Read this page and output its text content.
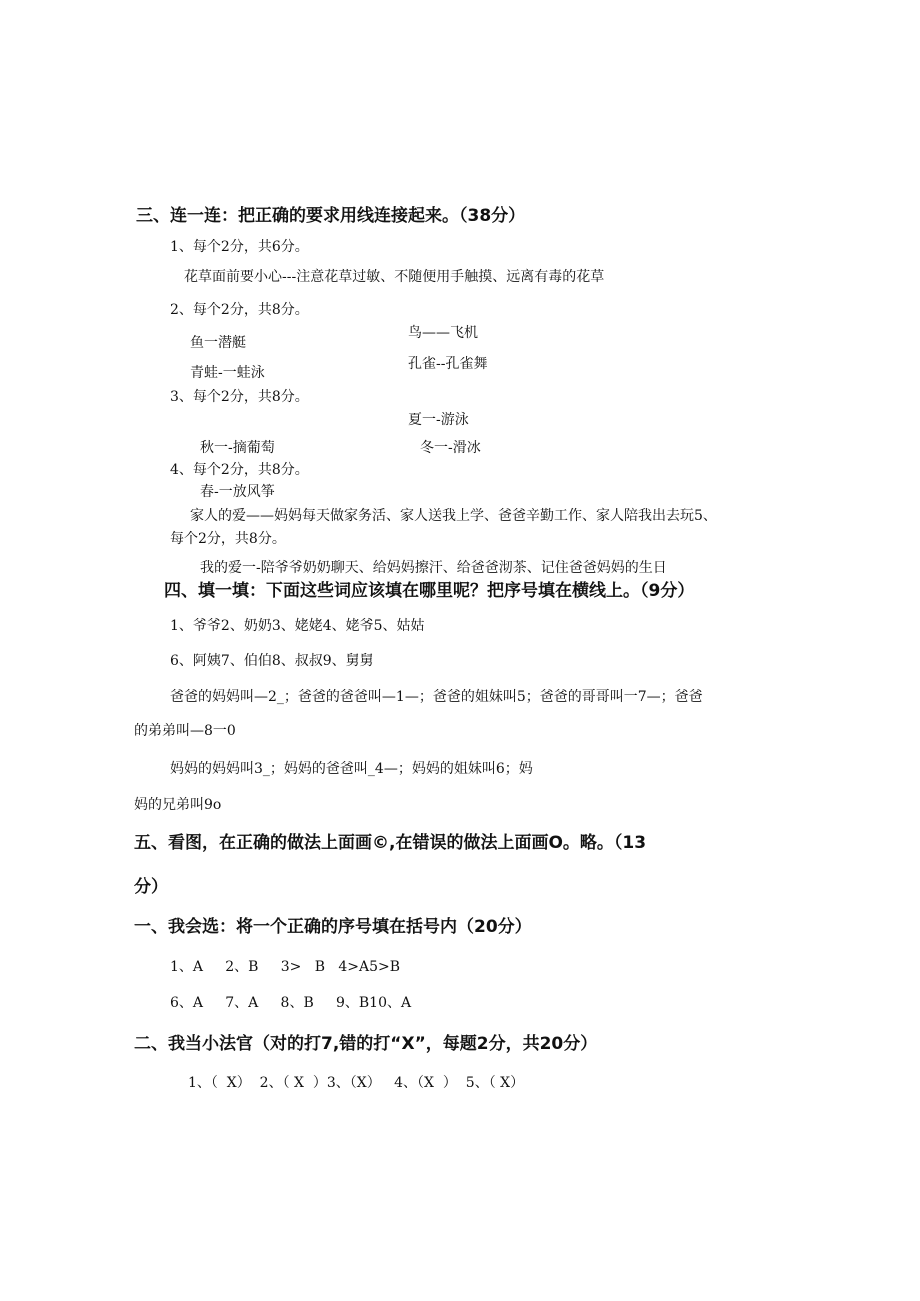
三、连一连：把正确的要求用线连接起来。（38分）
1、每个2分，共6分。
花草面前要小心---注意花草过敏、不随便用手触摸、远离有毒的花草
2、每个2分，共8分。
鸟——飞机
鱼一潜艇
孔雀--孔雀舞
青蛙-一蛙泳
3、每个2分，共8分。
夏一-游泳
秋一-摘葡萄	冬一-滑冰
4、每个2分，共8分。
春-一放风筝
家人的爱——妈妈每天做家务活、家人送我上学、爸爸辛勤工作、家人陪我出去玩5、
每个2分，共8分。
我的爱一-陪爷爷奶奶聊天、给妈妈擦汗、给爸爸沏茶、记住爸爸妈妈的生日
四、填一填：下面这些词应该填在哪里呢？把序号填在横线上。（9分）
1、爷爷2、奶奶3、姥姥4、姥爷5、姑姑
6、阿姨7、伯伯8、叔叔9、舅舅
爸爸的妈妈叫—2_；爸爸的爸爸叫—1—；爸爸的姐妹叫5；爸爸的哥哥叫一7—；爸爸
的弟弟叫—8一0
妈妈的妈妈叫3_；妈妈的爸爸叫_4—；妈妈的姐妹叫6；妈
妈的兄弟叫9o
五、看图，在正确的做法上面画©,在错误的做法上面画O。略。（13
分）
一、我会选：将一个正确的序号填在括号内（20分）
1、A     2、B     3>   B   4>A5>B
6、A     7、A     8、B     9、B10、A
二、我当小法官（对的打7,错的打“X”，每题2分，共20分）
1、（  X）  2、（ X  ）3、（X）   4、（X  ）  5、（ X）
